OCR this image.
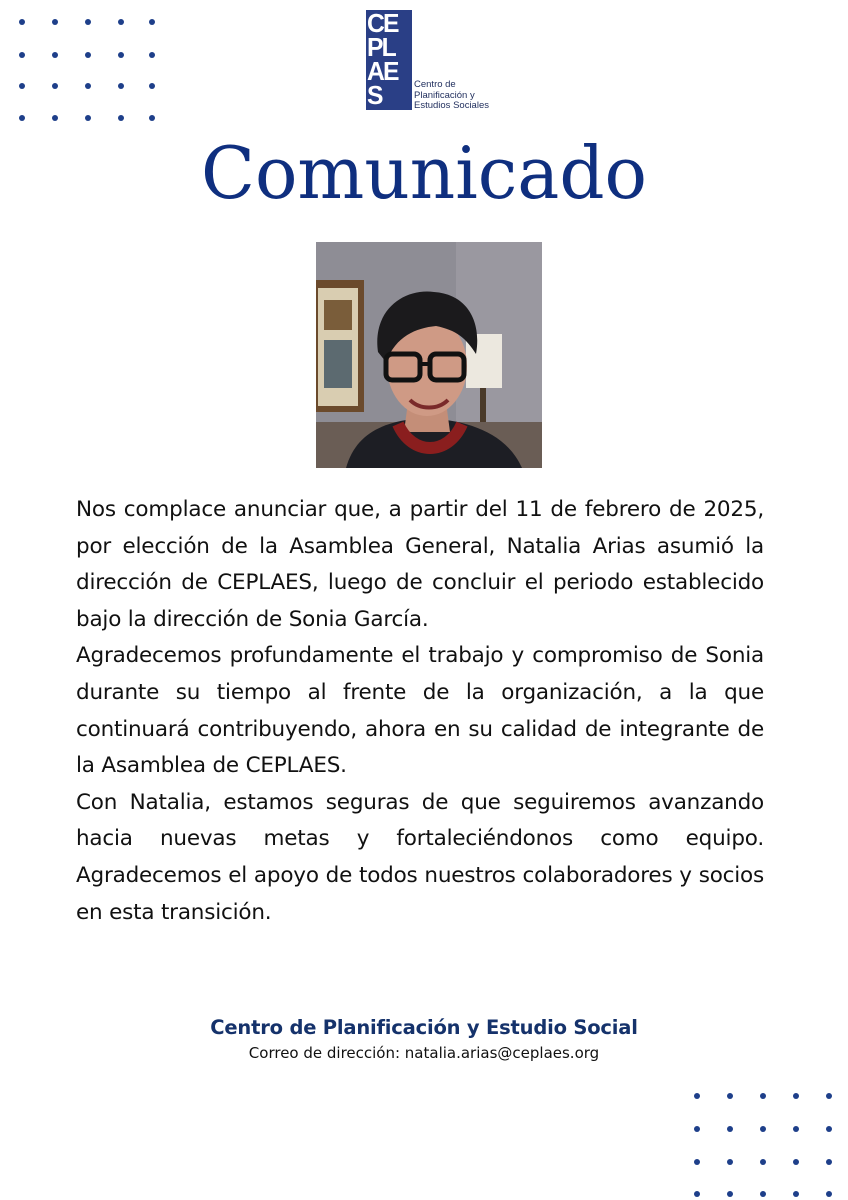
CE
PL
AE
S	Centro de
Planificación y
Estudios Sociales
Comunicado

Nos complace anunciar que, a partir del 11 de febrero de 2025, por elección de la Asamblea General, Natalia Arias asumió la dirección de CEPLAES, luego de concluir el periodo establecido bajo la dirección de Sonia García.

Agradecemos profundamente el trabajo y compromiso de Sonia durante su tiempo al frente de la organización, a la que continuará contribuyendo, ahora en su calidad de integrante de la Asamblea de CEPLAES.

Con Natalia, estamos seguras de que seguiremos avanzando hacia nuevas metas y fortaleciéndonos como equipo. Agradecemos el apoyo de todos nuestros colaboradores y socios en esta transición.

Centro de Planificación y Estudio Social
Correo de dirección: natalia.arias@ceplaes.org
